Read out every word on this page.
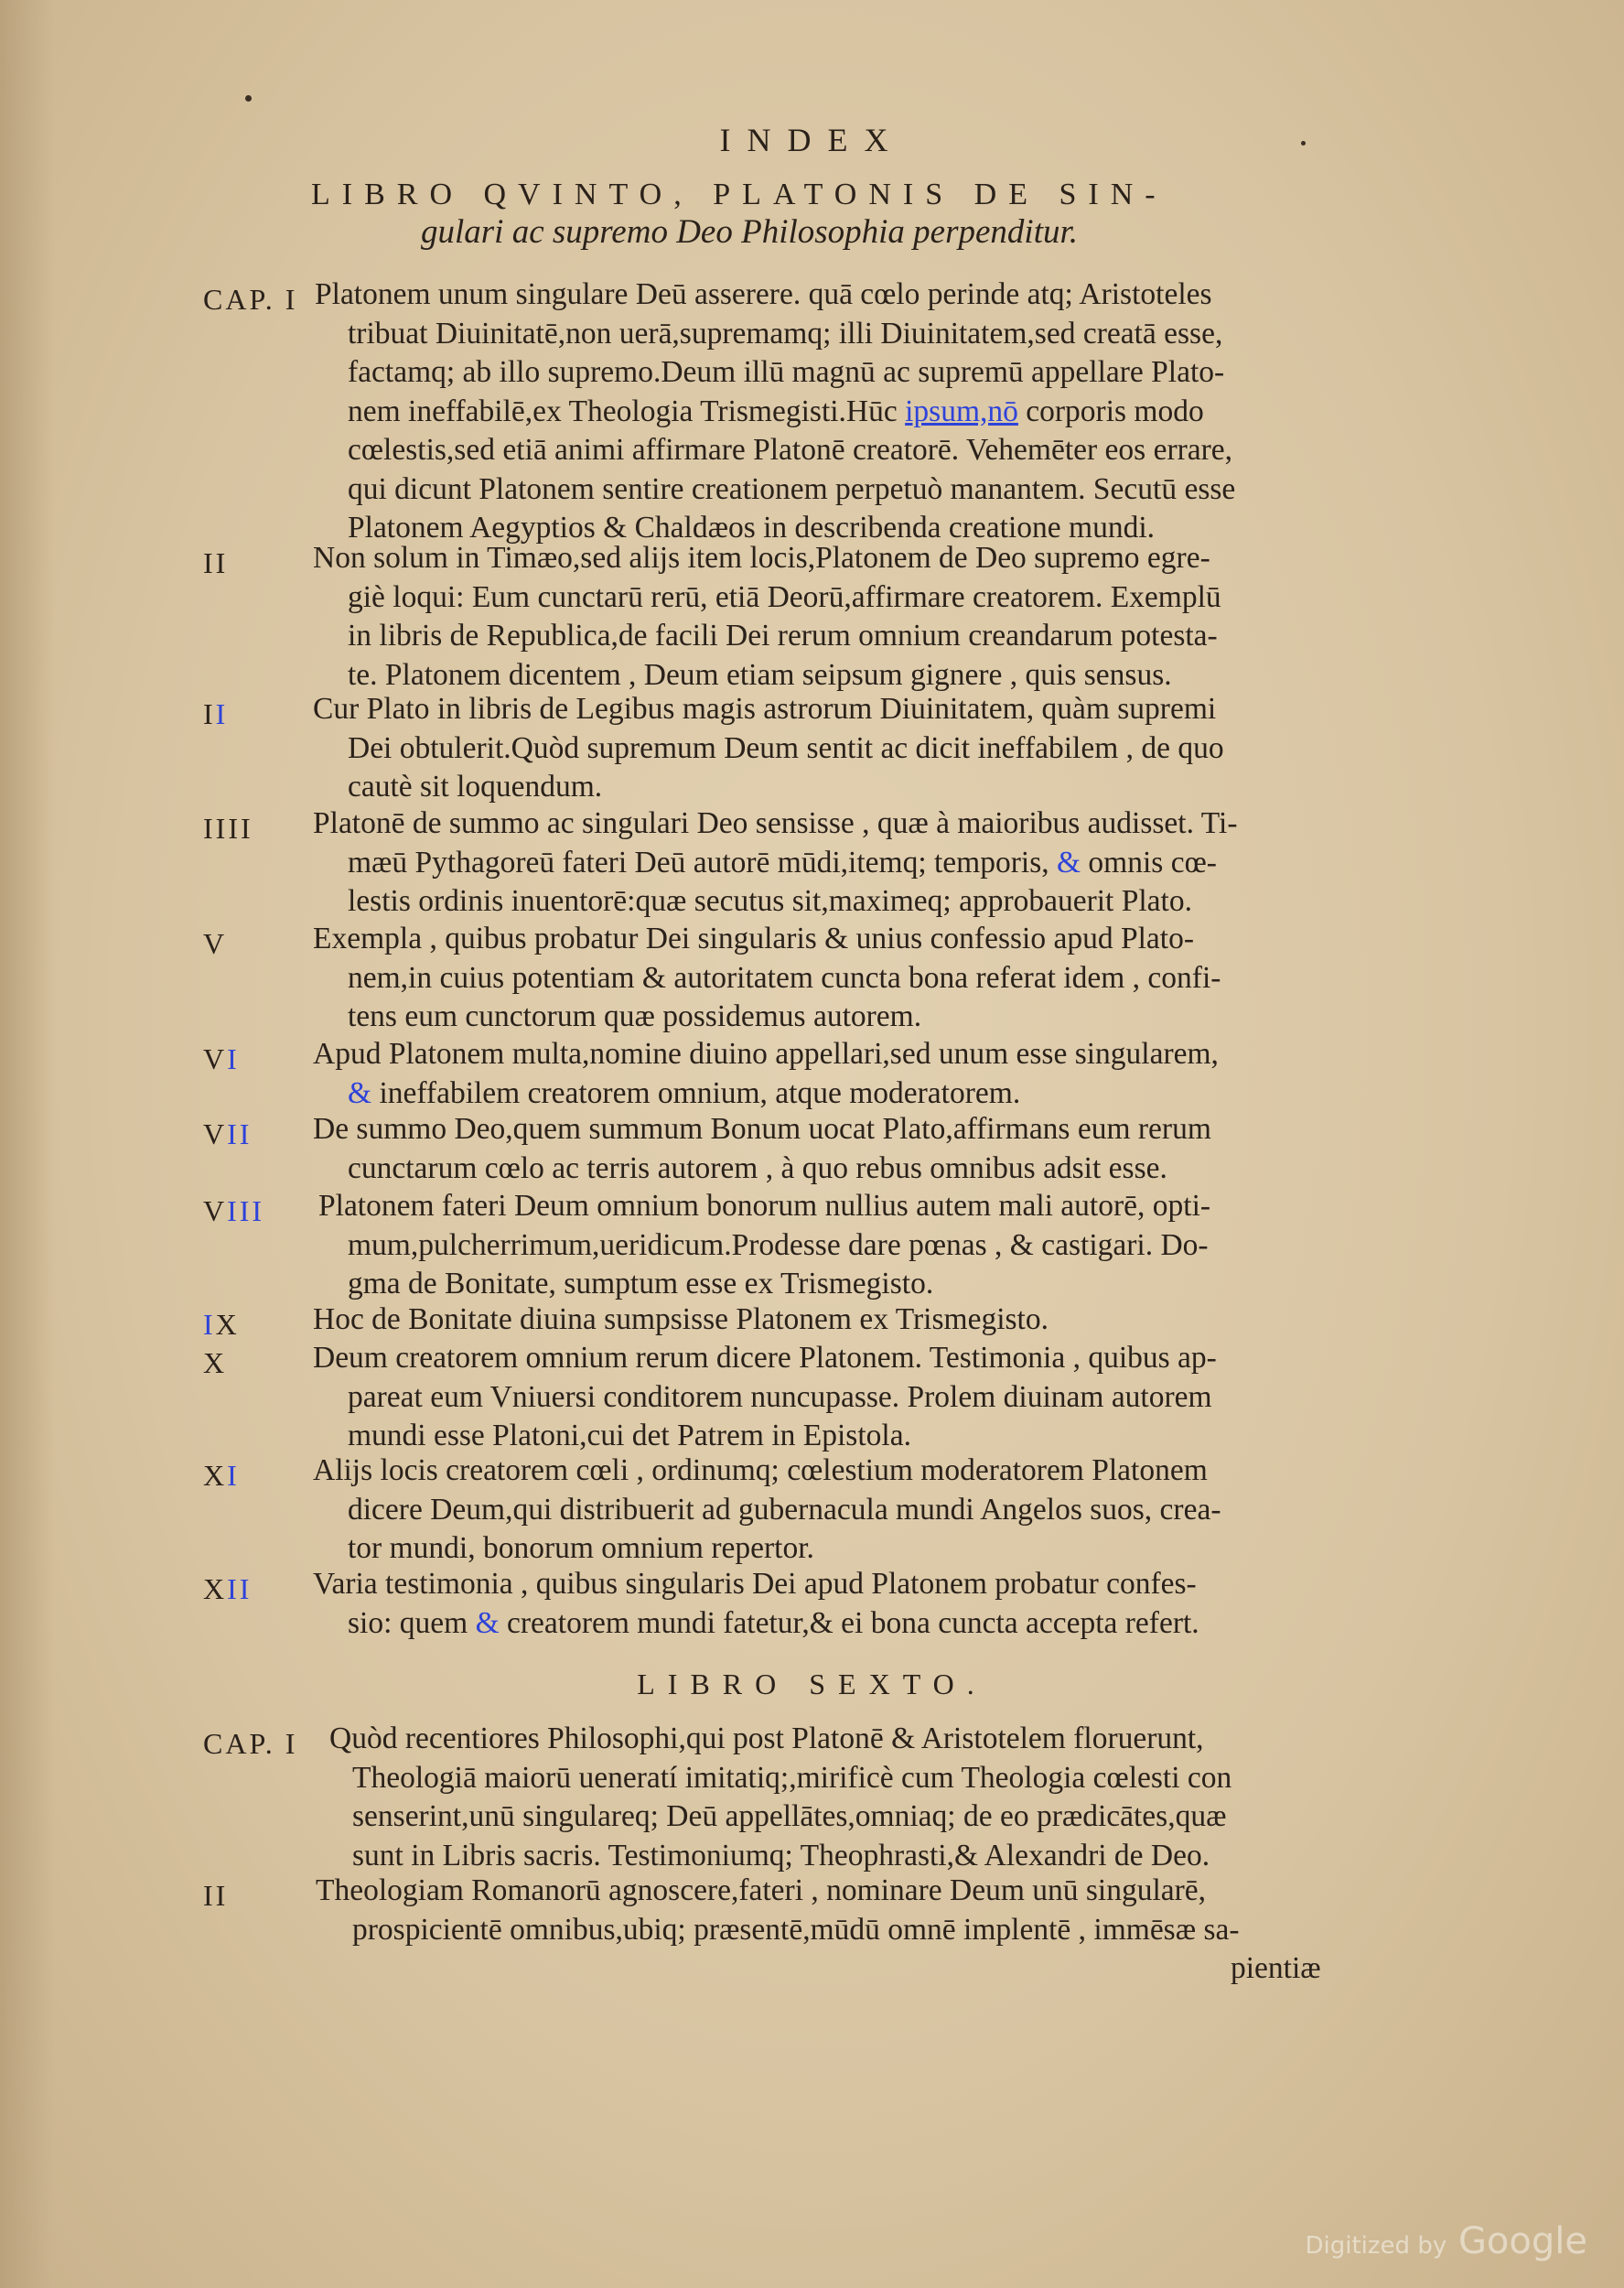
INDEX
LIBRO QVINTO, PLATONIS DE SIN-
gulari ac supremo Deo Philosophia perpenditur.
CAP. I Platonem unum singulare Deū asserere. quā cœlo perinde atq; Aristoteles
tribuat Diuinitatē,non uerā,supremamq; illi Diuinitatem,sed creatā esse,
factamq; ab illo supremo.Deum illū magnū ac supremū appellare Plato-
nem ineffabilē,ex Theologia Trismegisti.Hūc ipsum,nō corporis modo
cœlestis,sed etiā animi affirmare Platonē creatorē. Vehemēter eos errare,
qui dicunt Platonem sentire creationem perpetuò manantem. Secutū esse
Platonem Aegyptios & Chaldæos in describenda creatione mundi.
II	Non solum in Timæo,sed alijs item locis,Platonem de Deo supremo egre-
giè loqui: Eum cunctarū rerū, etiā Deorū,affirmare creatorem. Exemplū
in libris de Republica,de facili Dei rerum omnium creandarum potesta-
te. Platonem dicentem , Deum etiam seipsum gignere , quis sensus.
II	Cur Plato in libris de Legibus magis astrorum Diuinitatem, quàm supremi
Dei obtulerit.Quòd supremum Deum sentit ac dicit ineffabilem , de quo
cautè sit loquendum.
IIII Platonē de summo ac singulari Deo sensisse , quæ à maioribus audisset. Ti-
mæū Pythagoreū fateri Deū autorē mūdi,itemq; temporis, & omnis cœ-
lestis ordinis inuentorē:quæ secutus sit,maximeq; approbauerit Plato.
V	Exempla , quibus probatur Dei singularis & unius confessio apud Plato-
nem,in cuius potentiam & autoritatem cuncta bona referat idem , confi-
tens eum cunctorum quæ possidemus autorem.
VI Apud Platonem multa,nomine diuino appellari,sed unum esse singularem,
& ineffabilem creatorem omnium, atque moderatorem.
VII De summo Deo,quem summum Bonum uocat Plato,affirmans eum rerum
cunctarum cœlo ac terris autorem , à quo rebus omnibus adsit esse.
VIII Platonem fateri Deum omnium bonorum nullius autem mali autorē, opti-
mum,pulcherrimum,ueridicum.Prodesse dare pœnas , & castigari. Do-
gma de Bonitate, sumptum esse ex Trismegisto.
IX Hoc de Bonitate diuina sumpsisse Platonem ex Trismegisto.
X	Deum creatorem omnium rerum dicere Platonem. Testimonia , quibus ap-
pareat eum Vniuersi conditorem nuncupasse. Prolem diuinam autorem
mundi esse Platoni,cui det Patrem in Epistola.
XI Alijs locis creatorem cœli , ordinumq; cœlestium moderatorem Platonem
dicere Deum,qui distribuerit ad gubernacula mundi Angelos suos, crea-
tor mundi, bonorum omnium repertor.
XII Varia testimonia , quibus singularis Dei apud Platonem probatur confes-
sio: quem & creatorem mundi fatetur,& ei bona cuncta accepta refert.
CAP. I Quòd recentiores Philosophi,qui post Platonē & Aristotelem floruerunt,
Theologiā maiorū ueneratí imitatiq;,mirificè cum Theologia cœlesti con
senserint,unū singulareq; Deū appellātes,omniaq; de eo prædicātes,quæ
sunt in Libris sacris. Testimoniumq; Theophrasti,& Alexandri de Deo.
II	Theologiam Romanorū agnoscere,fateri , nominare Deum unū singularē,
prospicientē omnibus,ubiq; præsentē,mūdū omnē implentē , immēsæ sa-
pientiæ
LIBRO SEXTO.
Digitized by Google
